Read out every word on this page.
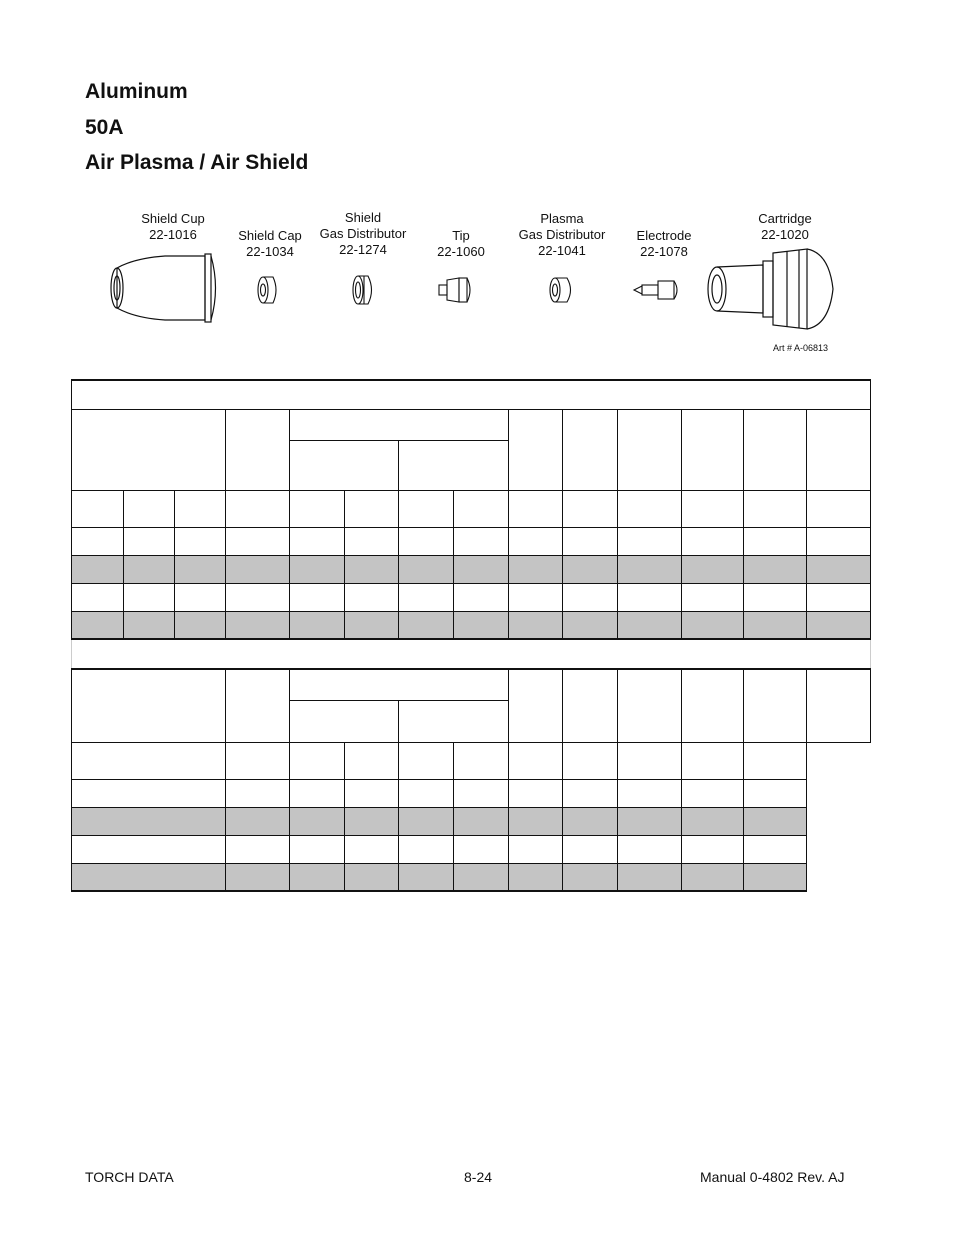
Aluminum
50A
Air Plasma / Air Shield
Shield Cup
22-1016	Shield Cap
22-1034
Shield
Gas Distributor
22-1274
Tip
22-1060
Plasma
Gas Distributor
22-1041
Electrode
22-1078
Cartridge
22-1020
Art # A-06813

TORCH DATA	8-24	Manual 0-4802 Rev. AJ
